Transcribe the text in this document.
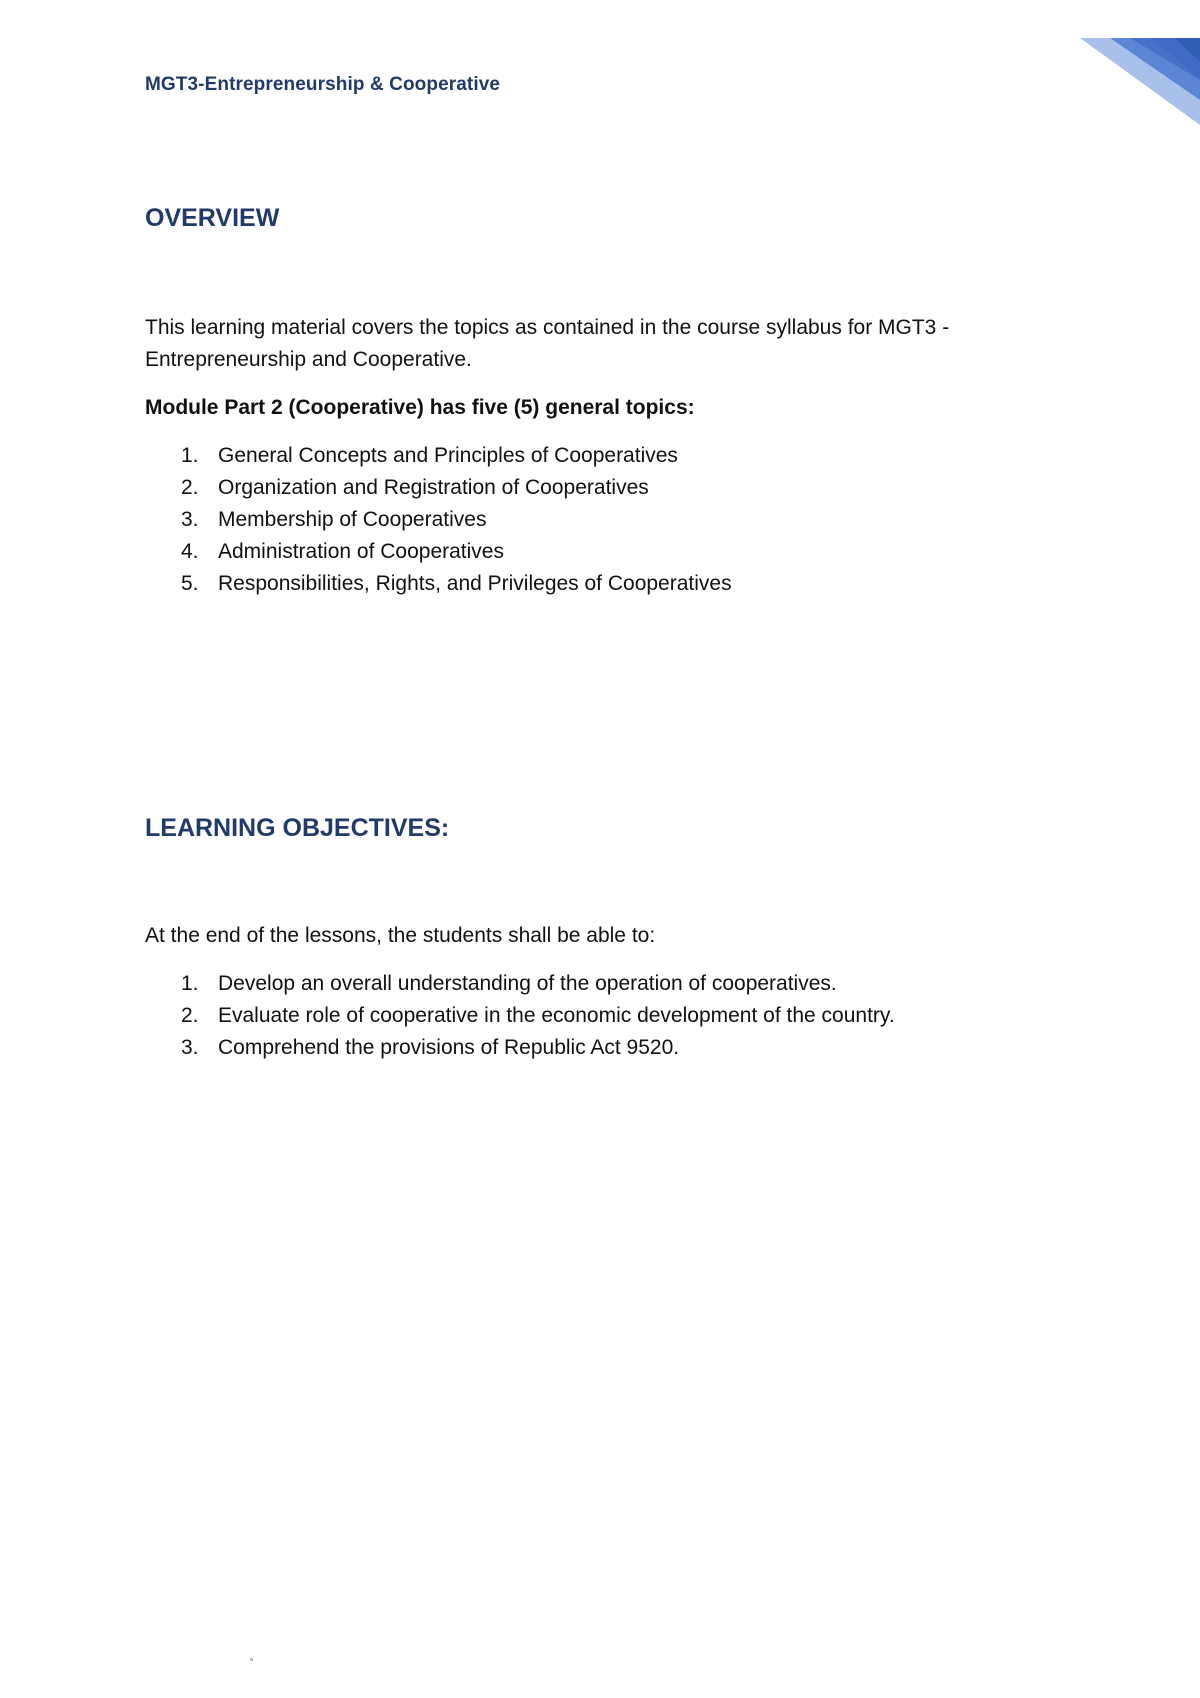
MGT3-Entrepreneurship & Cooperative
OVERVIEW

This learning material covers the topics as contained in the course syllabus for MGT3 - Entrepreneurship and Cooperative.

Module Part 2 (Cooperative) has five (5) general topics:

1. General Concepts and Principles of Cooperatives
2. Organization and Registration of Cooperatives
3. Membership of Cooperatives
4. Administration of Cooperatives
5. Responsibilities, Rights, and Privileges of Cooperatives
LEARNING OBJECTIVES:

At the end of the lessons, the students shall be able to:

1. Develop an overall understanding of the operation of cooperatives.
2. Evaluate role of cooperative in the economic development of the country.
3. Comprehend the provisions of Republic Act 9520.
